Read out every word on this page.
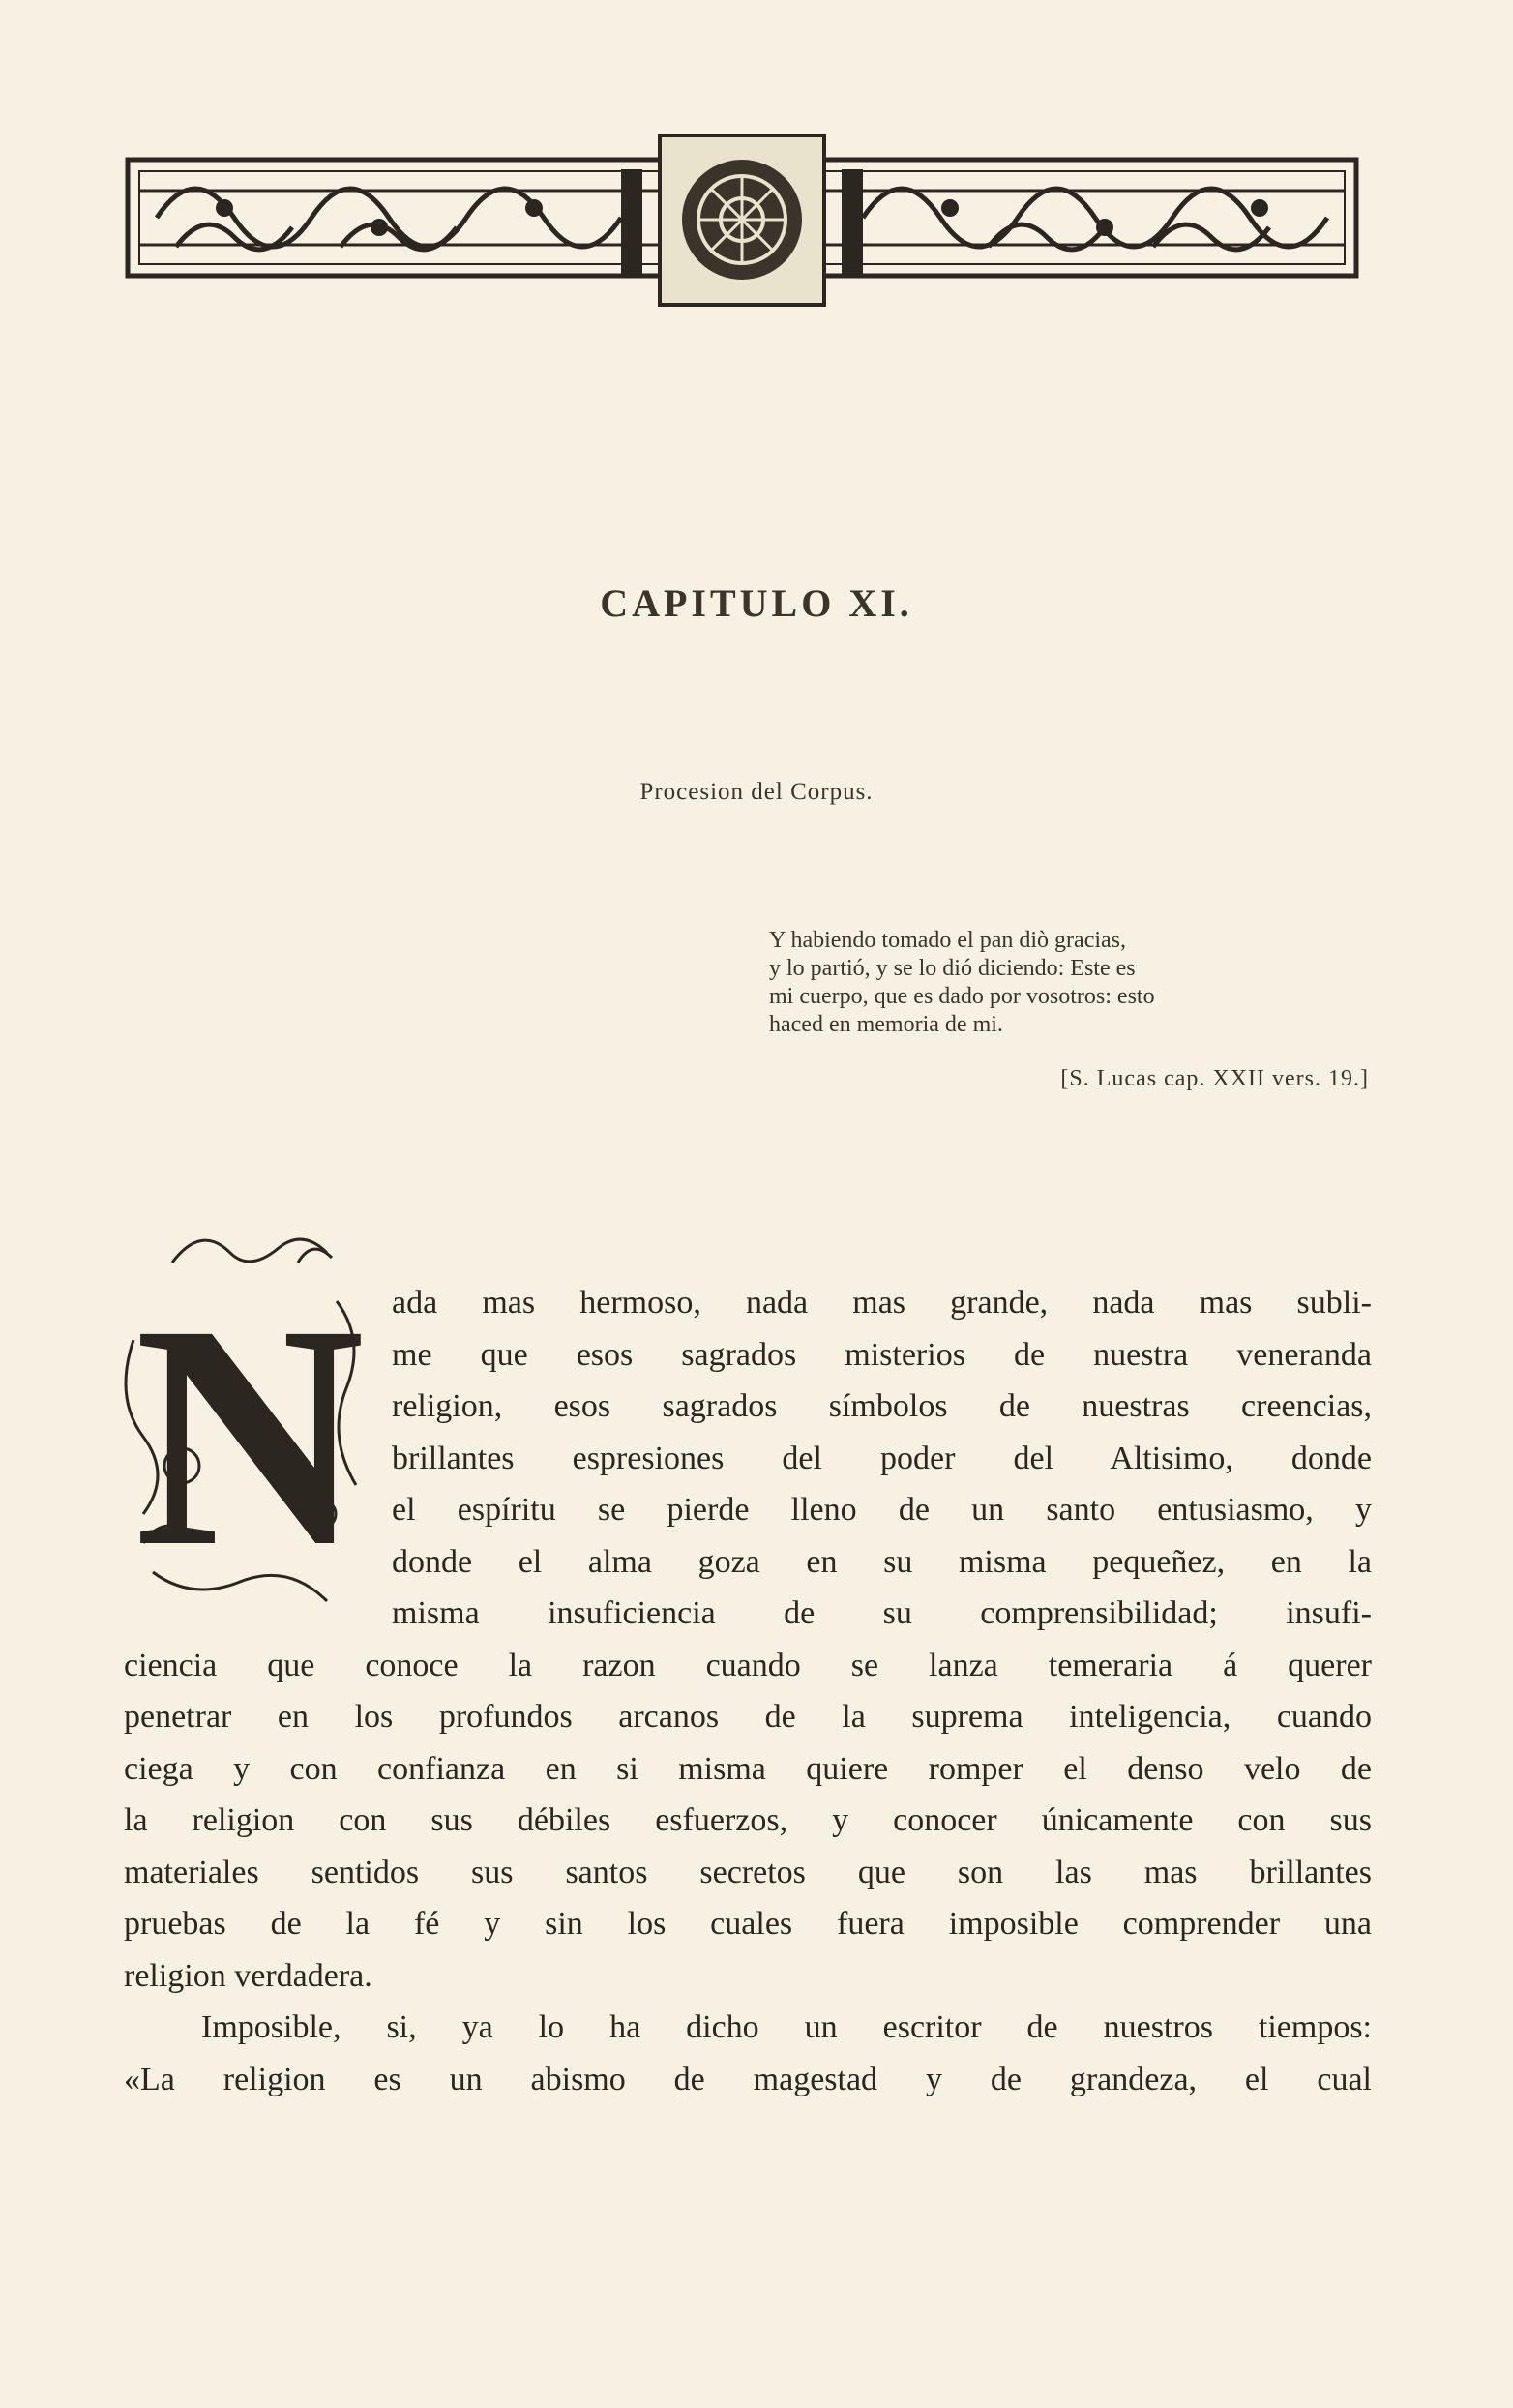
CAPITULO XI.
Procesion del Corpus.
Y habiendo tomado el pan diò gracias,
y lo partió, y se lo dió diciendo: Este es
mi cuerpo, que es dado por vosotros: esto
haced en memoria de mi.
[S. Lucas cap. XXII vers. 19.]
N ada mas hermoso, nada mas grande, nada mas subli-
me que esos sagrados misterios de nuestra veneranda
religion, esos sagrados símbolos de nuestras creencias,
brillantes espresiones del poder del Altisimo, donde
el espíritu se pierde lleno de un santo entusiasmo, y
donde el alma goza en su misma pequeñez, en la
misma insuficiencia de su comprensibilidad; insufi-
ciencia que conoce la razon cuando se lanza temeraria á querer
penetrar en los profundos arcanos de la suprema inteligencia, cuando
ciega y con confianza en si misma quiere romper el denso velo de
la religion con sus débiles esfuerzos, y conocer únicamente con sus
materiales sentidos sus santos secretos que son las mas brillantes
pruebas de la fé y sin los cuales fuera imposible comprender una
religion verdadera.
Imposible, si, ya lo ha dicho un escritor de nuestros tiempos:
«La religion es un abismo de magestad y de grandeza, el cual
